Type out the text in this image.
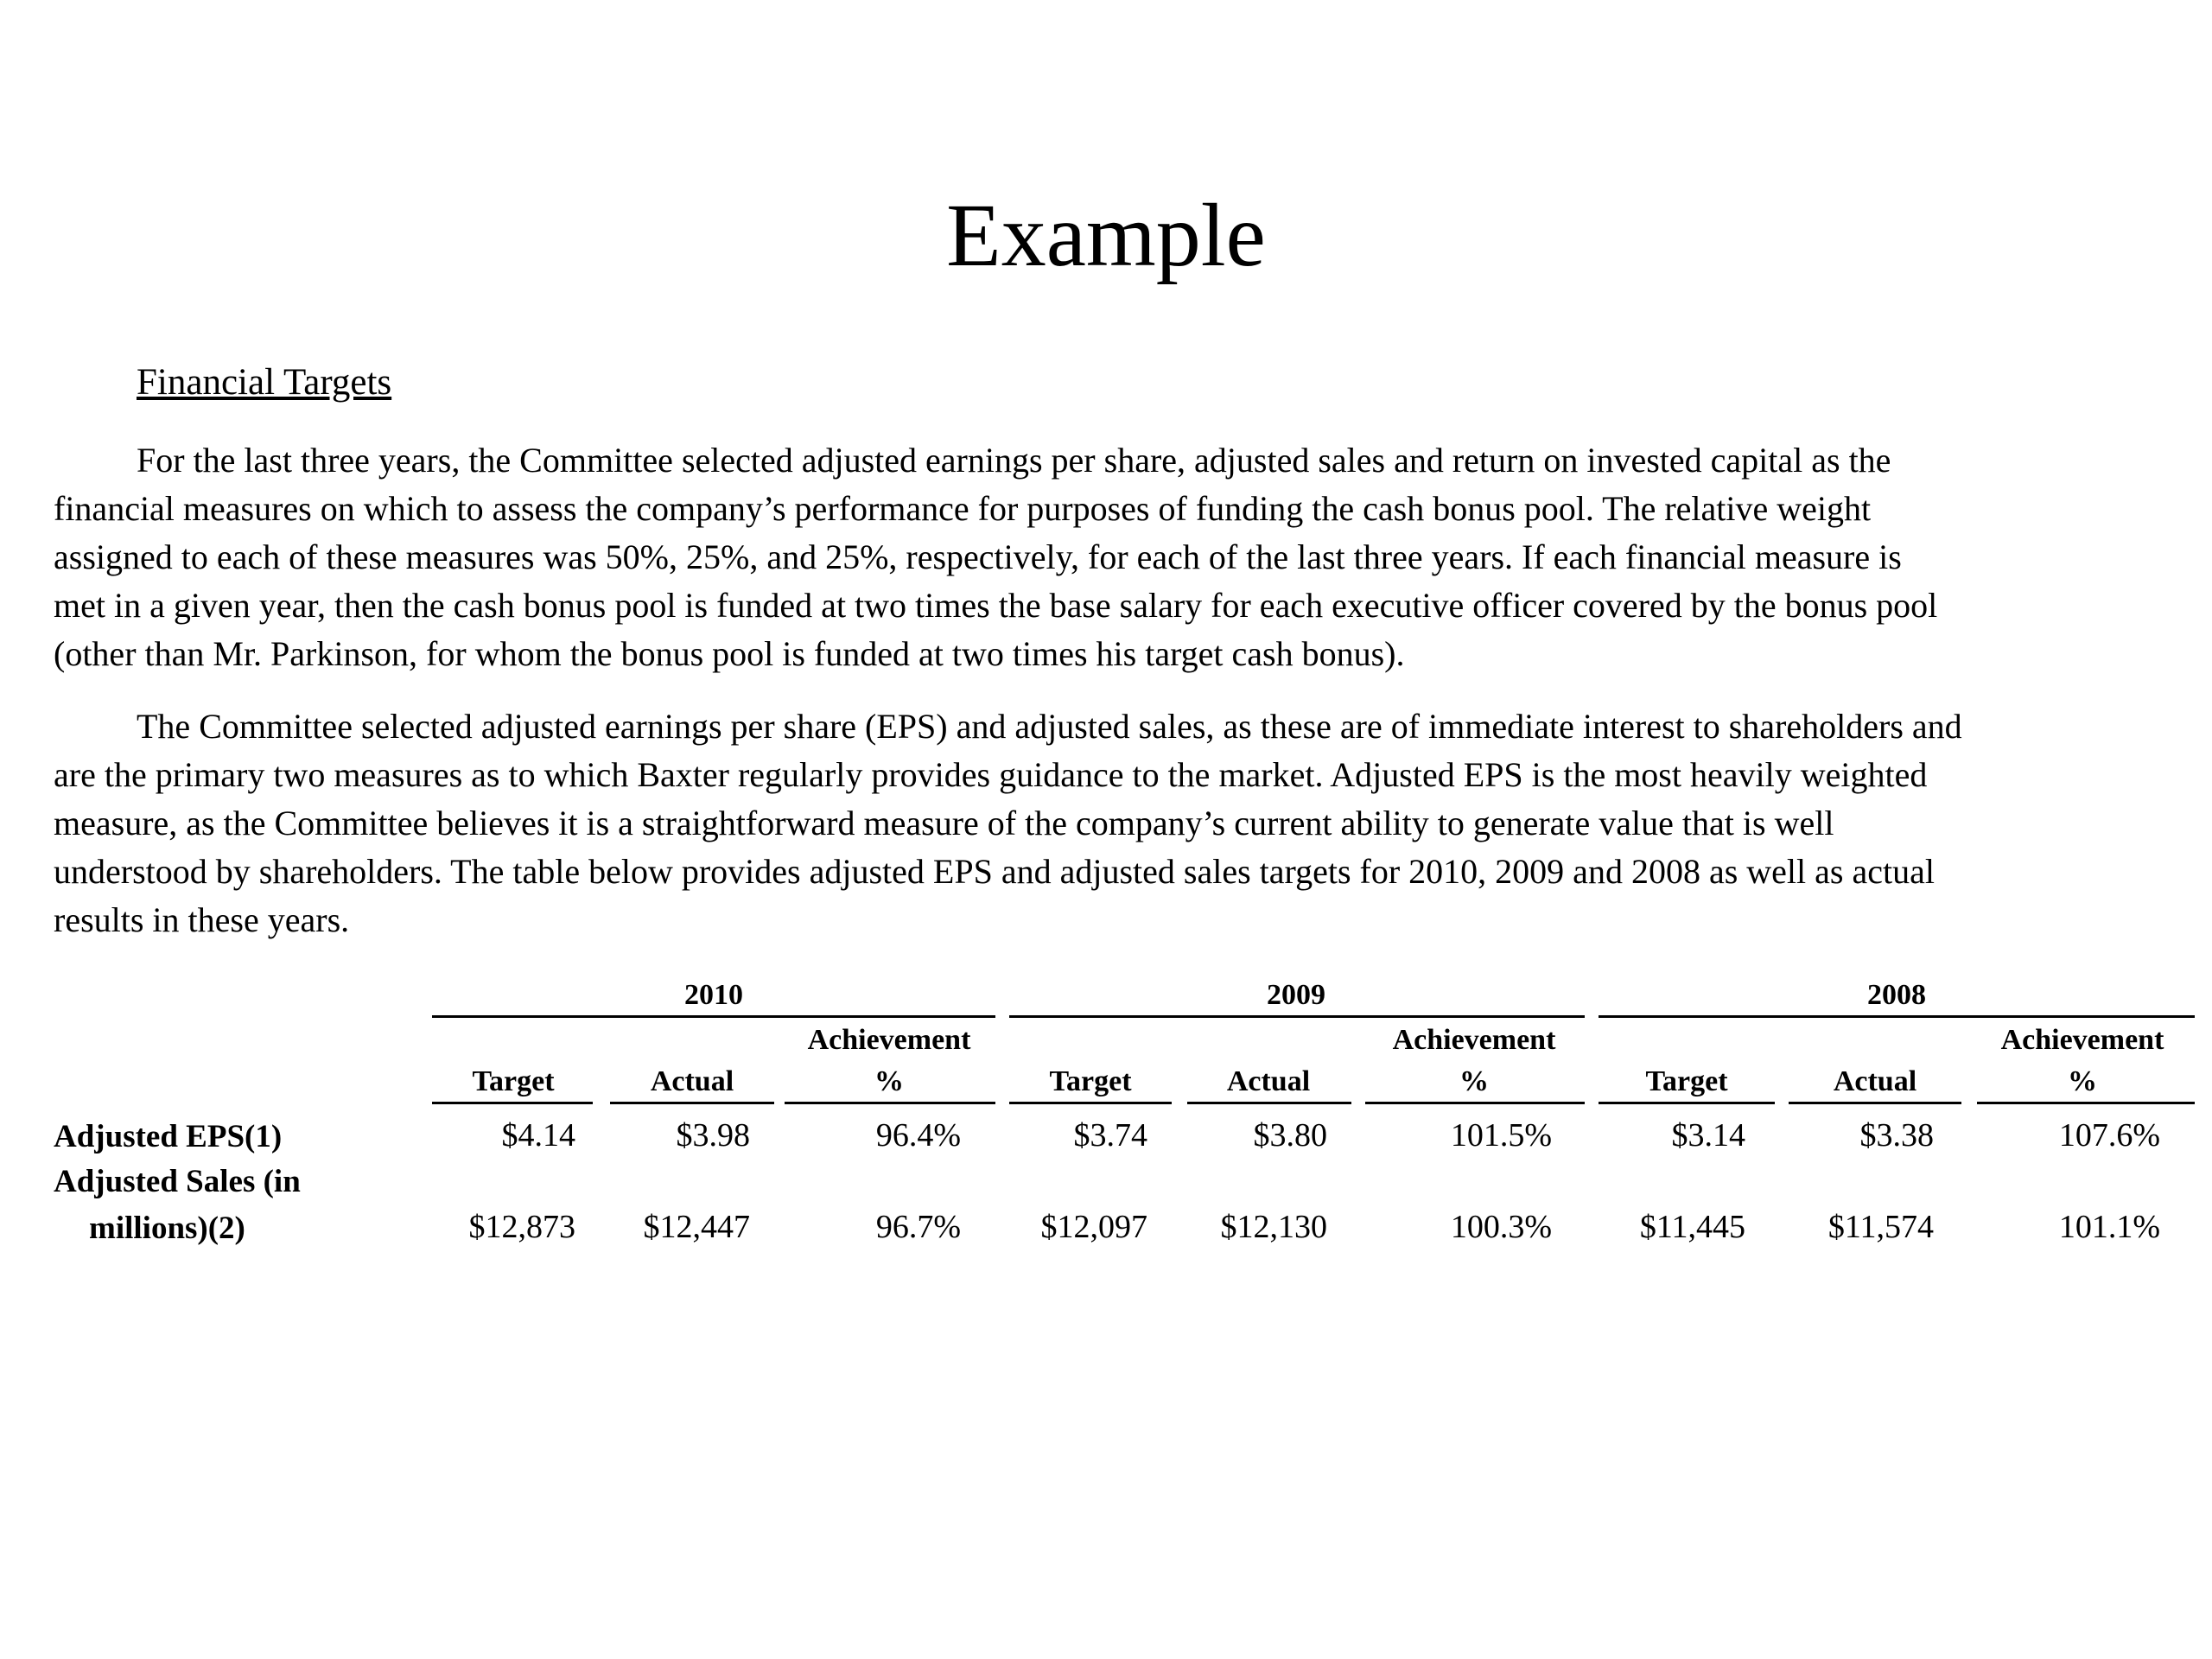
Example
Financial Targets

For the last three years, the Committee selected adjusted earnings per share, adjusted sales and return on invested capital as the
financial measures on which to assess the company’s performance for purposes of funding the cash bonus pool. The relative weight
assigned to each of these measures was 50%, 25%, and 25%, respectively, for each of the last three years. If each financial measure is
met in a given year, then the cash bonus pool is funded at two times the base salary for each executive officer covered by the bonus pool
(other than Mr. Parkinson, for whom the bonus pool is funded at two times his target cash bonus).

The Committee selected adjusted earnings per share (EPS) and adjusted sales, as these are of immediate interest to shareholders and
are the primary two measures as to which Baxter regularly provides guidance to the market. Adjusted EPS is the most heavily weighted
measure, as the Committee believes it is a straightforward measure of the company’s current ability to generate value that is well
understood by shareholders. The table below provides adjusted EPS and adjusted sales targets for 2010, 2009 and 2008 as well as actual
results in these years.

2010	2009	2008
Achievement	Achievement	Achievement
Target	Actual	%	Target	Actual	%	Target	Actual	%
Adjusted EPS(1)	$4.14	$3.98	96.4%	$3.74	$3.80	101.5%	$3.14	$3.38	107.6%
Adjusted Sales (in
millions)(2)	$12,873 $12,447	96.7% $12,097 $12,130	100.3%	$11,445	$11,574	101.1%
